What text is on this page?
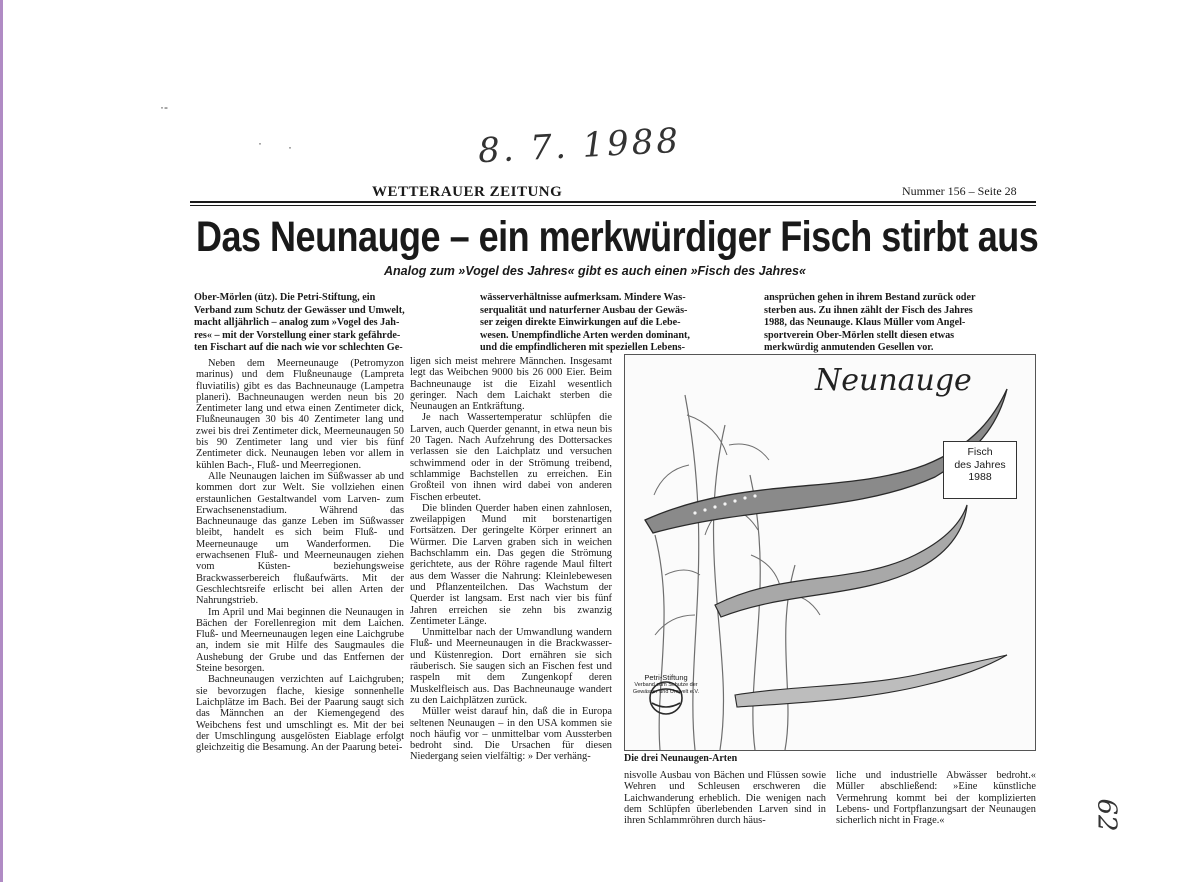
·-
· ·	8. 7. 1988
62
WETTERAUER ZEITUNG	Nummer 156 – Seite 28
Das Neunauge – ein merkwürdiger Fisch stirbt aus
Analog zum »Vogel des Jahres« gibt es auch einen »Fisch des Jahres«
Ober-Mörlen (ütz). Die Petri-Stiftung, ein
Verband zum Schutz der Gewässer und Umwelt,
macht alljährlich – analog zum »Vogel des Jah-
res« – mit der Vorstellung einer stark gefährde-
ten Fischart auf die nach wie vor schlechten Ge-
wässerverhältnisse aufmerksam. Mindere Was-
serqualität und naturferner Ausbau der Gewäs-
ser zeigen direkte Einwirkungen auf die Lebe-
wesen. Unempfindliche Arten werden dominant,
und die empfindlicheren mit speziellen Lebens-
ansprüchen gehen in ihrem Bestand zurück oder
sterben aus. Zu ihnen zählt der Fisch des Jahres
1988, das Neunauge. Klaus Müller vom Angel-
sportverein Ober-Mörlen stellt diesen etwas
merkwürdig anmutenden Gesellen vor.

Neben dem Meerneunauge (Petromyzon marinus) und dem Flußneunauge (Lampreta fluviatilis) gibt es das Bachneunauge (Lampetra planeri). Bachneunaugen werden neun bis 20 Zentimeter lang und etwa einen Zentimeter dick, Flußneunaugen 30 bis 40 Zentimeter lang und zwei bis drei Zentimeter dick, Meerneunaugen 50 bis 90 Zentimeter lang und vier bis fünf Zentimeter dick. Neunaugen leben vor allem in kühlen Bach-, Fluß- und Meerregionen.

Alle Neunaugen laichen im Süßwasser ab und kommen dort zur Welt. Sie vollziehen einen erstaunlichen Gestaltwandel vom Larven- zum Erwachsenenstadium. Während das Bachneunauge das ganze Leben im Süßwasser bleibt, handelt es sich beim Fluß- und Meerneunauge um Wanderformen. Die erwachsenen Fluß- und Meerneunaugen ziehen vom Küsten- beziehungsweise Brackwasserbereich flußaufwärts. Mit der Geschlechtsreife erlischt bei allen Arten der Nahrungstrieb.

Im April und Mai beginnen die Neunaugen in Bächen der Forellenregion mit dem Laichen. Fluß- und Meerneunaugen legen eine Laichgrube an, indem sie mit Hilfe des Saugmaules die Aushebung der Grube und das Entfernen der Steine besorgen.

Bachneunaugen verzichten auf Laichgruben; sie bevorzugen flache, kiesige sonnenhelle Laichplätze im Bach. Bei der Paarung saugt sich das Männchen an der Kiemengegend des Weibchens fest und umschlingt es. Mit der bei der Umschlingung ausgelösten Eiablage erfolgt gleichzeitig die Besamung. An der Paarung betei-

ligen sich meist mehrere Männchen. Insgesamt legt das Weibchen 9000 bis 26 000 Eier. Beim Bachneunauge ist die Eizahl wesentlich geringer. Nach dem Laichakt sterben die Neunaugen an Entkräftung.

Je nach Wassertemperatur schlüpfen die Larven, auch Querder genannt, in etwa neun bis 20 Tagen. Nach Aufzehrung des Dottersackes verlassen sie den Laichplatz und versuchen schwimmend oder in der Strömung treibend, schlammige Bachstellen zu erreichen. Ein Großteil von ihnen wird dabei von anderen Fischen erbeutet.

Die blinden Querder haben einen zahnlosen, zweilappigen Mund mit borstenartigen Fortsätzen. Der geringelte Körper erinnert an Würmer. Die Larven graben sich in weichen Bachschlamm ein. Das gegen die Strömung gerichtete, aus der Röhre ragende Maul filtert aus dem Wasser die Nahrung: Kleinlebewesen und Pflanzenteilchen. Das Wachstum der Querder ist langsam. Erst nach vier bis fünf Jahren erreichen sie zehn bis zwanzig Zentimeter Länge.

Unmittelbar nach der Umwandlung wandern Fluß- und Meerneunaugen in die Brackwasser- und Küstenregion. Dort ernähren sie sich räuberisch. Sie saugen sich an Fischen fest und raspeln mit dem Zungenkopf deren Muskelfleisch aus. Das Bachneunauge wandert zu den Laichplätzen zurück.

Müller weist darauf hin, daß die in Europa seltenen Neunaugen – in den USA kommen sie noch häufig vor – unmittelbar vom Aussterben bedroht sind. Die Ursachen für diesen Niedergang seien vielfältig: » Der verhäng-

nisvolle Ausbau von Bächen und Flüssen sowie Wehren und Schleusen erschweren die Laichwanderung erheblich. Die wenigen nach dem Schlüpfen überlebenden Larven sind in ihren Schlammröhren durch häus-

liche und industrielle Abwässer bedroht.« Müller abschließend: »Eine künstliche Vermehrung kommt bei der komplizierten Lebens- und Fortpflanzungsart der Neunaugen sicherlich nicht in Frage.«

Neunauge
Fisch
des Jahres
1988
Petri-Stiftung
Verband zum Schutze der
Gewässer und Umwelt e.V.
Die drei Neunaugen-Arten
